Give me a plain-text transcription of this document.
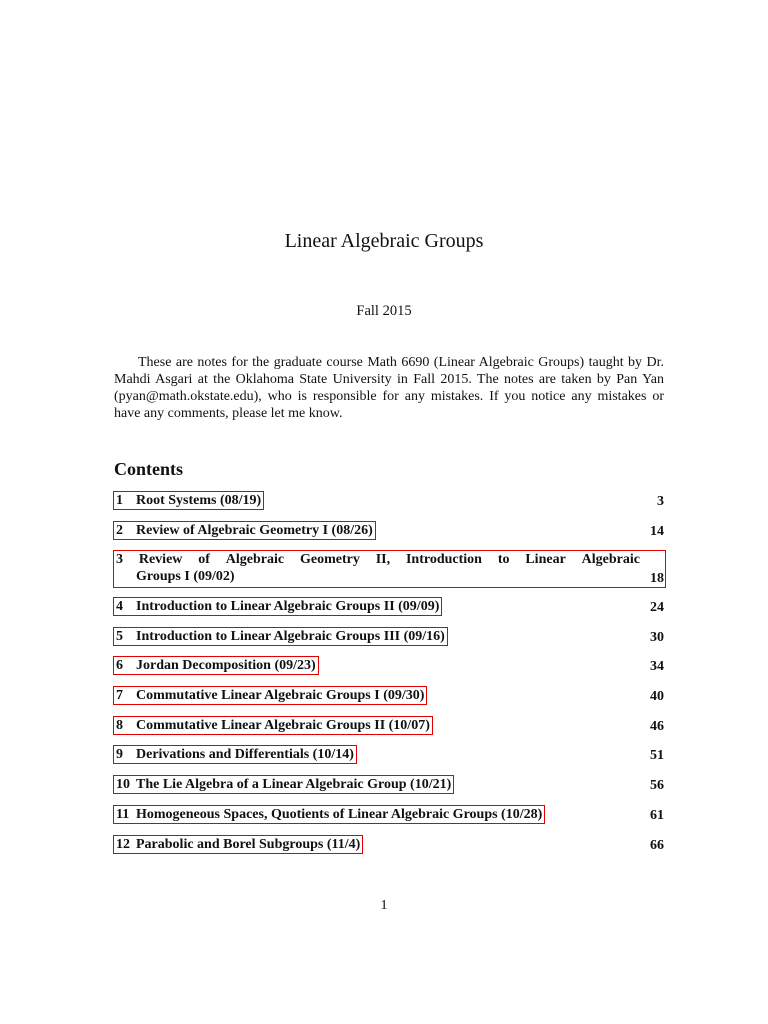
Linear Algebraic Groups
Fall 2015
These are notes for the graduate course Math 6690 (Linear Algebraic Groups) taught by Dr. Mahdi Asgari at the Oklahoma State University in Fall 2015. The notes are taken by Pan Yan (pyan@math.okstate.edu), who is responsible for any mistakes. If you notice any mistakes or have any comments, please let me know.
Contents
1 Root Systems (08/19)	3
2 Review of Algebraic Geometry I (08/26)	14
3 Review of Algebraic Geometry II, Introduction to Linear Algebraic
Groups I (09/02)	18
4 Introduction to Linear Algebraic Groups II (09/09)	24
5 Introduction to Linear Algebraic Groups III (09/16)	30
6 Jordan Decomposition (09/23)	34
7 Commutative Linear Algebraic Groups I (09/30)	40
8 Commutative Linear Algebraic Groups II (10/07)	46
9 Derivations and Differentials (10/14)	51
10 The Lie Algebra of a Linear Algebraic Group (10/21)	56
11 Homogeneous Spaces, Quotients of Linear Algebraic Groups (10/28)	61
12 Parabolic and Borel Subgroups (11/4)	66
1
